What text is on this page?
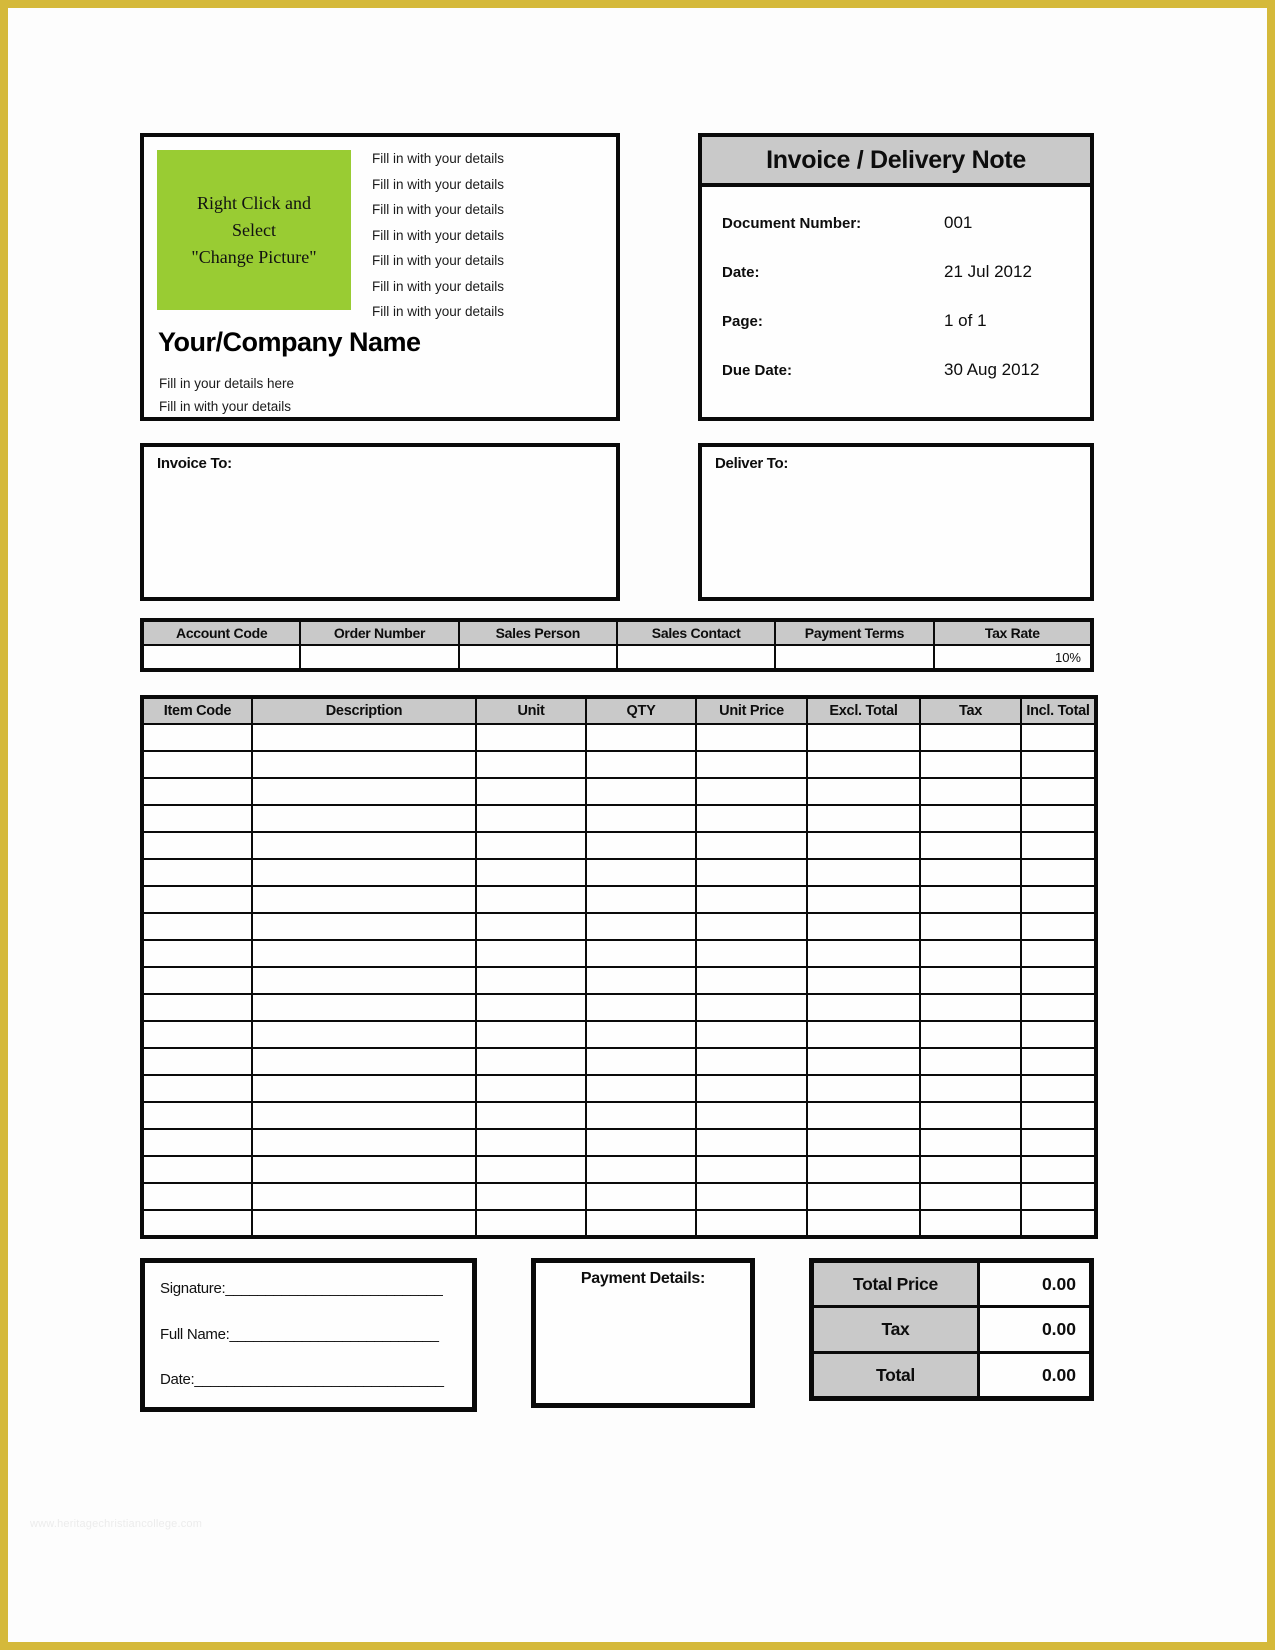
Right Click and
Select
"Change Picture"
Fill in with your details
Fill in with your details
Fill in with your details
Fill in with your details
Fill in with your details
Fill in with your details
Fill in with your details
Your/Company Name
Fill in your details here
Fill in with your details
Invoice / Delivery Note
Document Number:	001
Date:	21 Jul 2012
Page:	1 of 1
Due Date:	30 Aug 2012
Invoice To:	Deliver To:
Account Code	Order Number	Sales Person	Sales Contact	Payment Terms	Tax Rate
					10%
Item Code	Description	Unit	QTY	Unit Price	Excl. Total	Tax	Incl. Total

Signature:___________________________
Full Name:__________________________
Date:_______________________________
Payment Details:	Total Price	0.00
Tax	0.00
Total	0.00
www.heritagechristiancollege.com
